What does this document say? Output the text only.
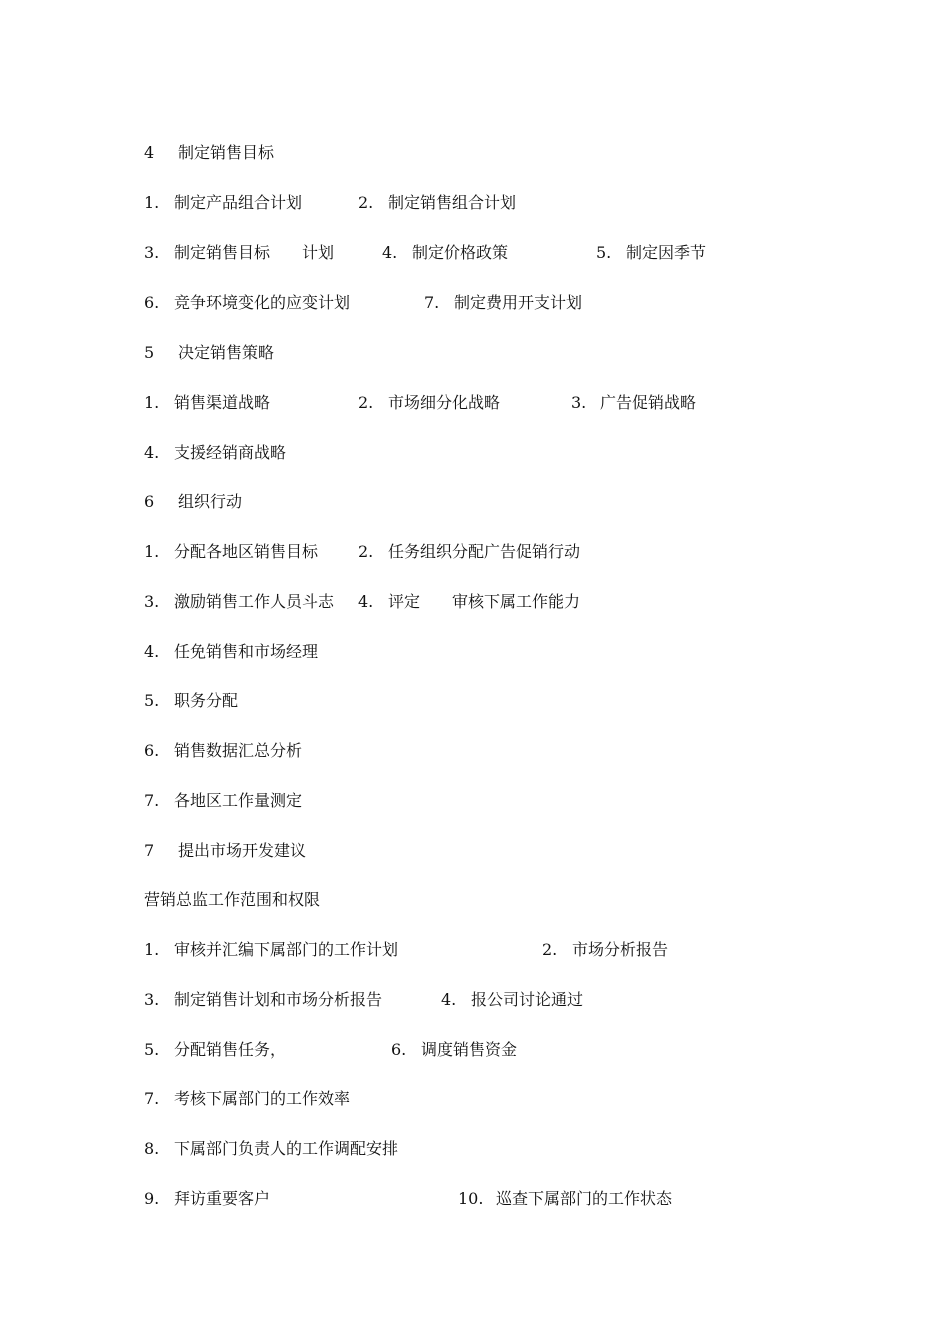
4 制定销售目标
1. 制定产品组合计划	2. 制定销售组合计划
3. 制定销售目标　　计划	4. 制定价格政策	5. 制定因季节
6. 竞争环境变化的应变计划	7. 制定费用开支计划
5 决定销售策略
1. 销售渠道战略	2. 市场细分化战略	3. 广告促销战略
4. 支援经销商战略
6 组织行动
1. 分配各地区销售目标 2. 任务组织分配广告促销行动
3. 激励销售工作人员斗志 4. 评定　　审核下属工作能力
4. 任免销售和市场经理
5. 职务分配
6. 销售数据汇总分析
7. 各地区工作量测定
7 提出市场开发建议
营销总监工作范围和权限
1. 审核并汇编下属部门的工作计划	2. 市场分析报告
3. 制定销售计划和市场分析报告	4. 报公司讨论通过
5. 分配销售任务，	6. 调度销售资金
7. 考核下属部门的工作效率
8. 下属部门负责人的工作调配安排
9. 拜访重要客户	10. 巡查下属部门的工作状态
